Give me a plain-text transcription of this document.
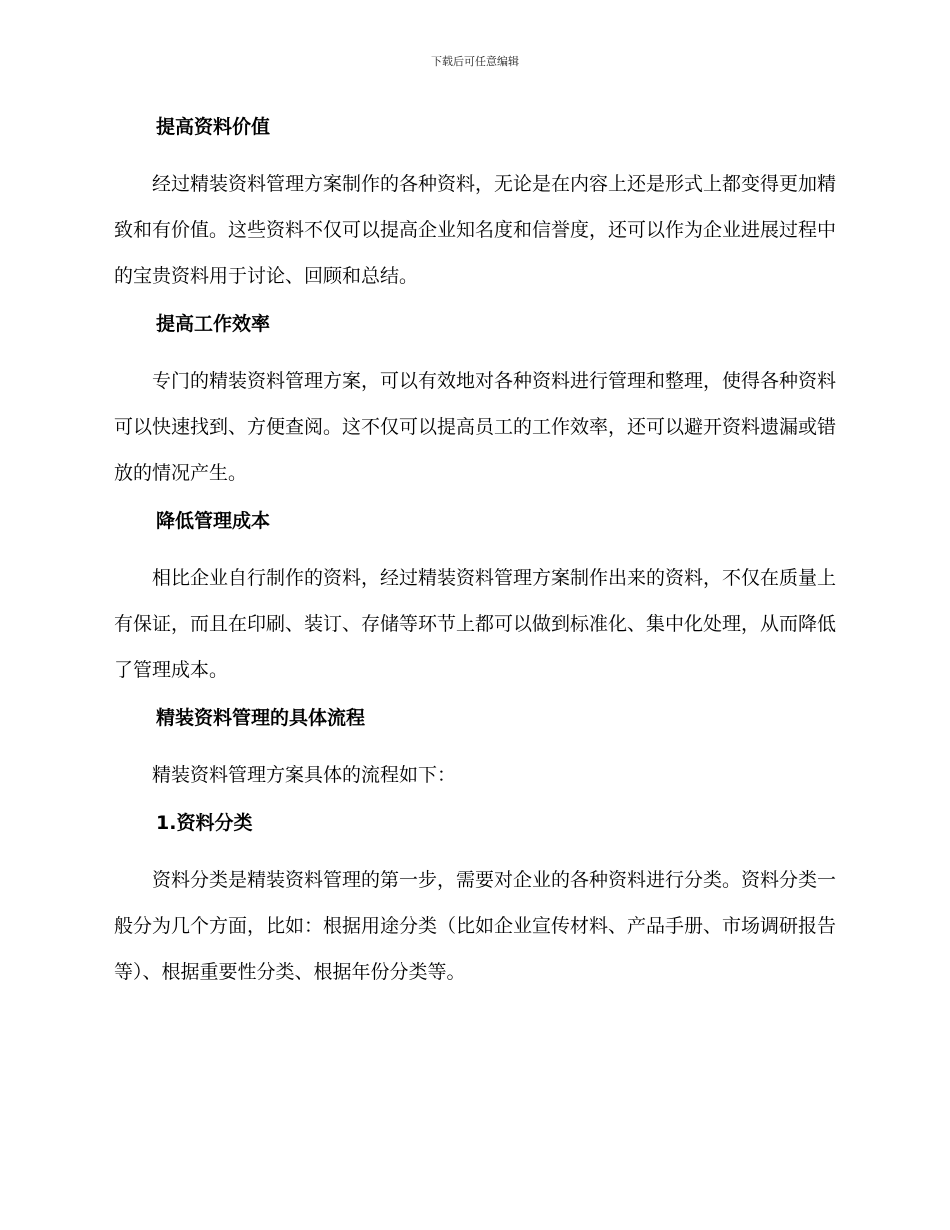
下载后可任意编辑
提高资料价值

经过精装资料管理方案制作的各种资料，无论是在内容上还是形式上都变得更加精致和有价值。这些资料不仅可以提高企业知名度和信誉度，还可以作为企业进展过程中的宝贵资料用于讨论、回顾和总结。

提高工作效率

专门的精装资料管理方案，可以有效地对各种资料进行管理和整理，使得各种资料可以快速找到、方便查阅。这不仅可以提高员工的工作效率，还可以避开资料遗漏或错放的情况产生。

降低管理成本

相比企业自行制作的资料，经过精装资料管理方案制作出来的资料，不仅在质量上有保证，而且在印刷、装订、存储等环节上都可以做到标准化、集中化处理，从而降低了管理成本。

精装资料管理的具体流程

精装资料管理方案具体的流程如下：

1.资料分类

资料分类是精装资料管理的第一步，需要对企业的各种资料进行分类。资料分类一般分为几个方面，比如：根据用途分类（比如企业宣传材料、产品手册、市场调研报告等）、根据重要性分类、根据年份分类等。
